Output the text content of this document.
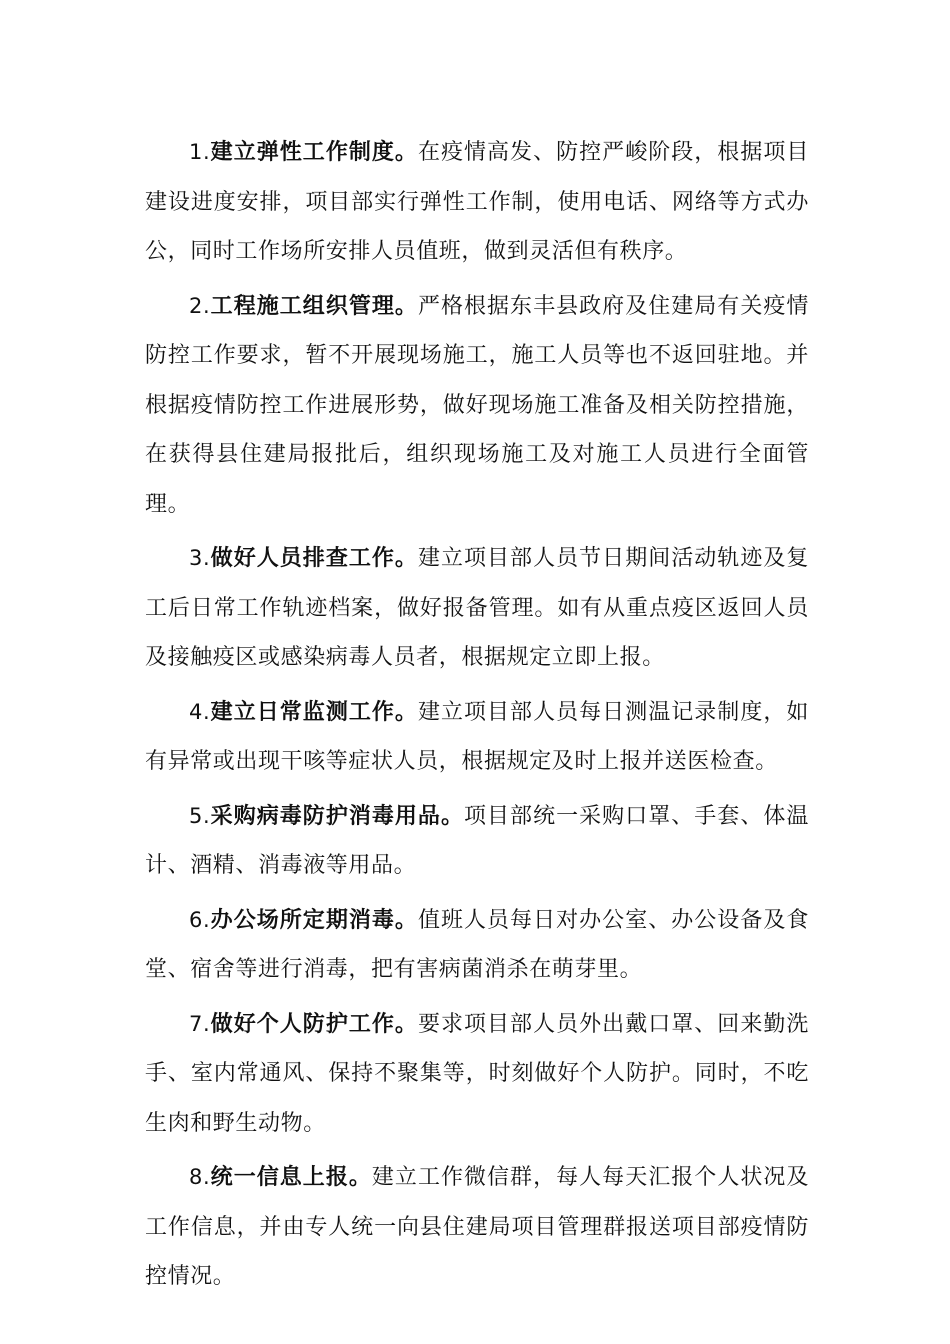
1.建立弹性工作制度。在疫情高发、防控严峻阶段，根据项目建设进度安排，项目部实行弹性工作制，使用电话、网络等方式办公，同时工作场所安排人员值班，做到灵活但有秩序。

2.工程施工组织管理。严格根据东丰县政府及住建局有关疫情防控工作要求，暂不开展现场施工，施工人员等也不返回驻地。并根据疫情防控工作进展形势，做好现场施工准备及相关防控措施，在获得县住建局报批后，组织现场施工及对施工人员进行全面管理。

3.做好人员排查工作。建立项目部人员节日期间活动轨迹及复工后日常工作轨迹档案，做好报备管理。如有从重点疫区返回人员及接触疫区或感染病毒人员者，根据规定立即上报。

4.建立日常监测工作。建立项目部人员每日测温记录制度，如有异常或出现干咳等症状人员，根据规定及时上报并送医检查。

5.采购病毒防护消毒用品。项目部统一采购口罩、手套、体温计、酒精、消毒液等用品。

6.办公场所定期消毒。值班人员每日对办公室、办公设备及食堂、宿舍等进行消毒，把有害病菌消杀在萌芽里。

7.做好个人防护工作。要求项目部人员外出戴口罩、回来勤洗手、室内常通风、保持不聚集等，时刻做好个人防护。同时，不吃生肉和野生动物。

8.统一信息上报。建立工作微信群，每人每天汇报个人状况及工作信息，并由专人统一向县住建局项目管理群报送项目部疫情防控情况。
